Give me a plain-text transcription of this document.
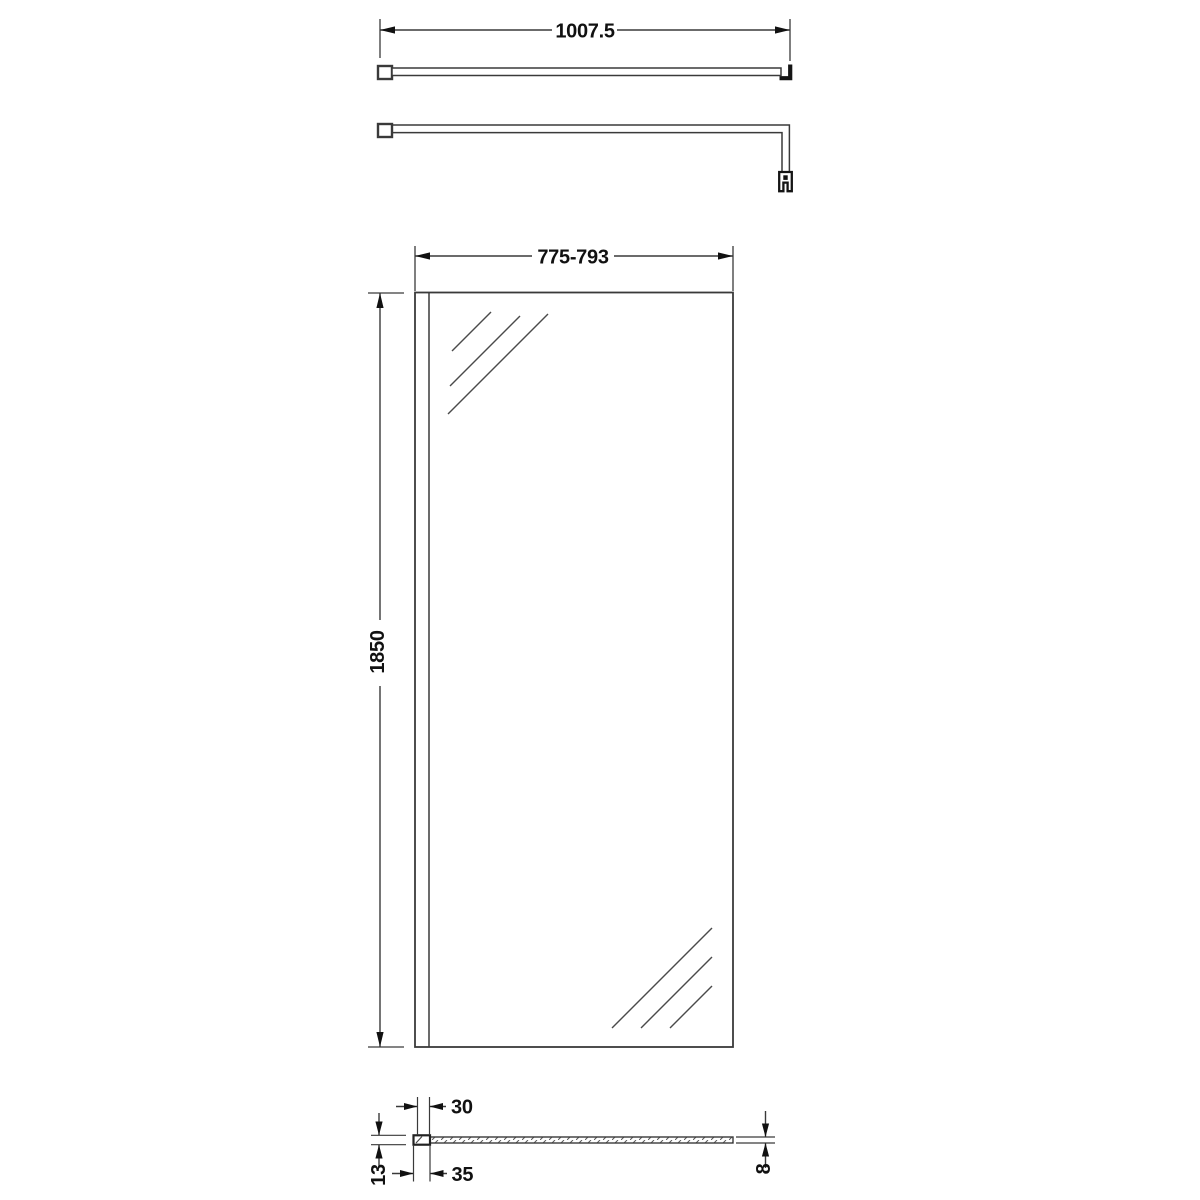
1007.5
775-793
1850
30
35
13	8
